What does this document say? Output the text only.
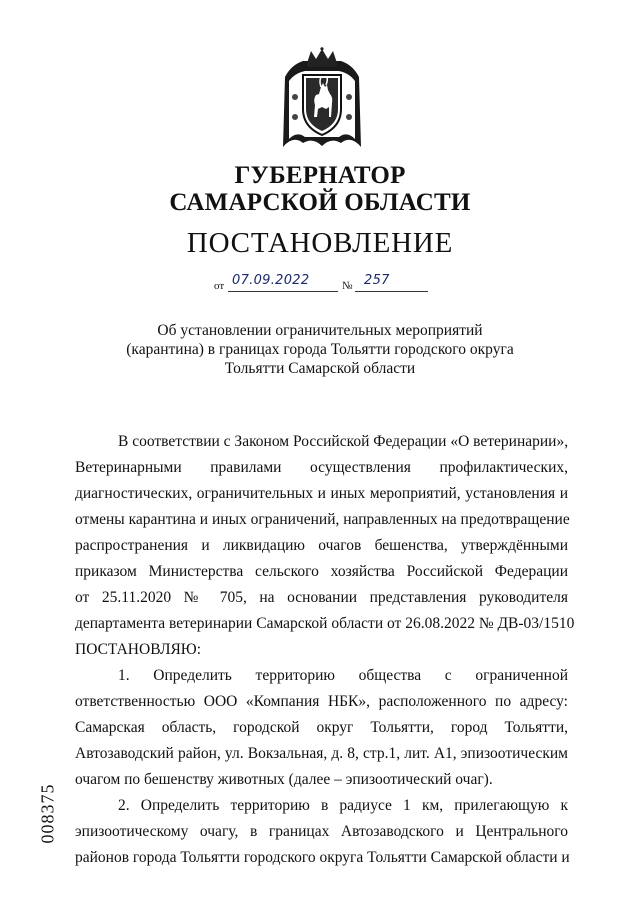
ГУБЕРНАТОР
САМАРСКОЙ ОБЛАСТИ
ПОСТАНОВЛЕНИЕ
от 07.09.2022	№ 257
Об установлении ограничительных мероприятий
(карантина) в границах города Тольятти городского округа
Тольятти Самарской области
В соответствии с Законом Российской Федерации «О ветеринарии»,
Ветеринарными правилами осуществления профилактических,
диагностических, ограничительных и иных мероприятий, установления и
отмены карантина и иных ограничений, направленных на предотвращение
распространения и ликвидацию очагов бешенства, утверждёнными
приказом Министерства сельского хозяйства Российской Федерации
от 25.11.2020 № 705, на основании представления руководителя
департамента ветеринарии Самарской области от 26.08.2022 № ДВ-03/1510
ПОСТАНОВЛЯЮ:
1. Определить территорию общества с ограниченной
ответственностью ООО «Компания НБК», расположенного по адресу:
Самарская область, городской округ Тольятти, город Тольятти,
Автозаводский район, ул. Вокзальная, д. 8, стр.1, лит. А1, эпизоотическим
очагом по бешенству животных (далее – эпизоотический очаг).
2. Определить территорию в радиусе 1 км, прилегающую к
эпизоотическому очагу, в границах Автозаводского и Центрального
районов города Тольятти городского округа Тольятти Самарской области и
008375
